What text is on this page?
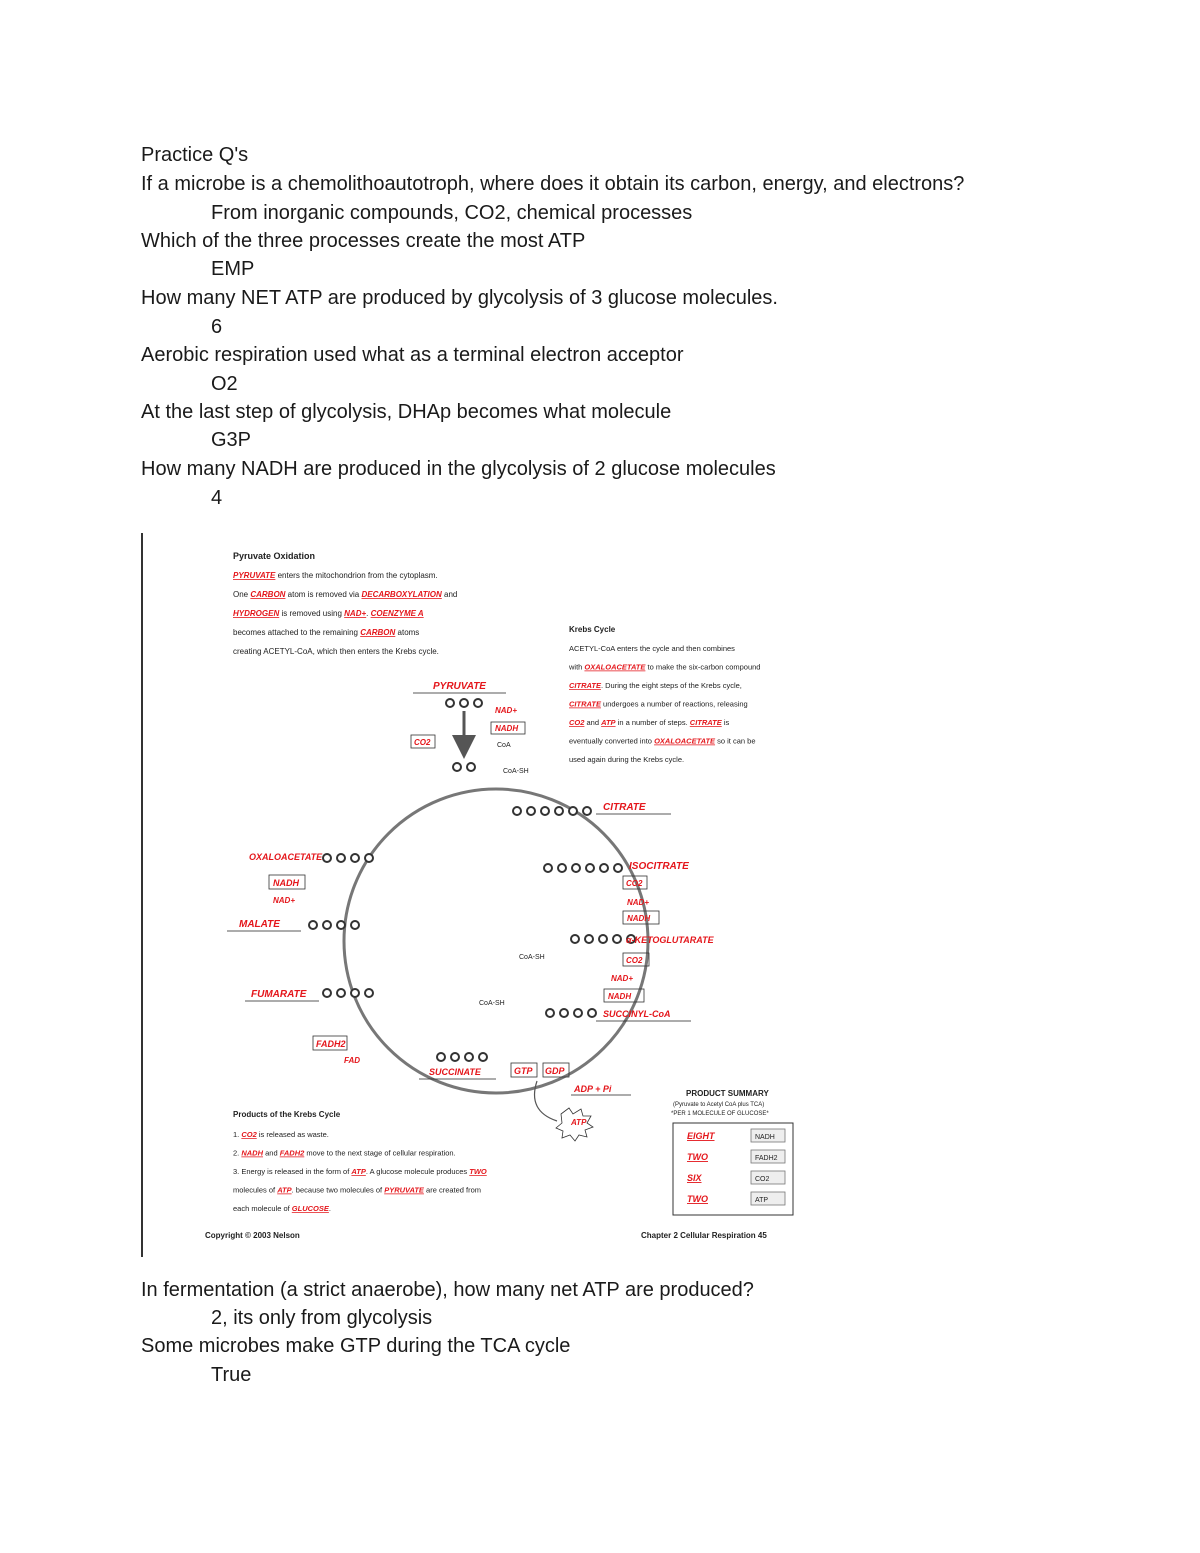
Practice Q's
If a microbe is a chemolithoautotroph, where does it obtain its carbon, energy, and electrons?
From inorganic compounds, CO2, chemical processes
Which of the three processes create the most ATP
EMP
How many NET ATP are produced by glycolysis of 3 glucose molecules.
6
Aerobic respiration used what as a terminal electron acceptor
O2
At the last step of glycolysis, DHAp becomes what molecule
G3P
How many NADH are produced in the glycolysis of 2 glucose molecules
4
Pyruvate Oxidation
PYRUVATE enters the mitochondrion from the cytoplasm.
One CARBON atom is removed via DECARBOXYLATION and
HYDROGEN is removed using NAD+. COENZYME A
becomes attached to the remaining CARBON atoms
creating ACETYL-CoA, which then enters the Krebs cycle.
Krebs Cycle
ACETYL-CoA enters the cycle and then combines
with OXALOACETATE to make the six-carbon compound
CITRATE. During the eight steps of the Krebs cycle,
CITRATE undergoes a number of reactions, releasing
CO2 and ATP in a number of steps. CITRATE is
eventually converted into OXALOACETATE so it can be
used again during the Krebs cycle.
PYRUVATE
NAD+
NADH
CO2	CoA
CoA-SH
CITRATE
ISOCITRATE
CO2
NAD+
NADH
α-KETOGLUTARATE
CoA-SH	CO2
NAD+
NADH
SUCCINYL-CoA
CoA-SH
SUCCINATE	GTP GDP
ADP + Pi
ATP
FUMARATE
FADH2
FAD
MALATE
NADH
NAD+
OXALOACETATE
Products of the Krebs Cycle
1. CO2 is released as waste.
2. NADH and FADH2 move to the next stage of cellular respiration.
3. Energy is released in the form of ATP. A glucose molecule produces TWO
molecules of ATP. because two molecules of PYRUVATE are created from
each molecule of GLUCOSE.
PRODUCT SUMMARY
(Pyruvate to Acetyl CoA plus TCA)
*PER 1 MOLECULE OF GLUCOSE*
EIGHT	NADH
TWO	FADH2
SIX	CO2
TWO	ATP
Copyright © 2003 Nelson	Chapter 2 Cellular Respiration 45
In fermentation (a strict anaerobe), how many net ATP are produced?
2, its only from glycolysis
Some microbes make GTP during the TCA cycle
True
